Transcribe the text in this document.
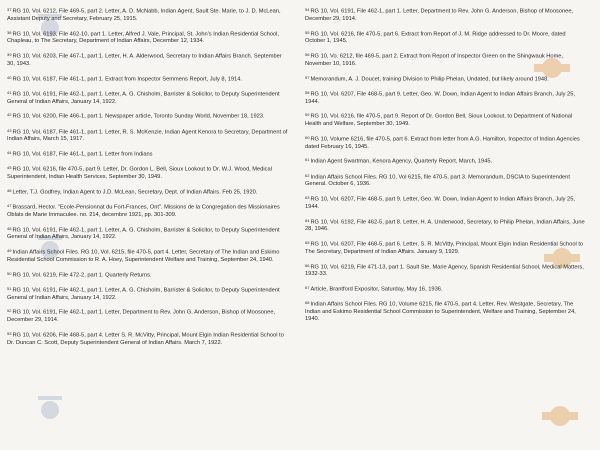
$^{37}$RG 10, Vol. 6212, File 469-5, part 2. Letter, A. D. McNabb, Indian Agent, Sault Ste. Marie, to J. D. McLean, Assistant Deputy and Secretary, February 25, 1915.

$^{38}$RG 10, Vol. 6193, File 462-10, part 1. Letter, Alfred J. Vale, Principal, St. John's Indian Residential School, Chapleau, to The Secretary, Department of Indian Affairs, December 12, 1934.

$^{39}$RG 10, Vol. 6203, File 467-1, part 1. Letter, H. A. Alderwood, Secretary to Indian Affairs Branch. September 30, 1943.

$^{40}$RG 10, Vol. 6187, File 461-1, part 1. Extract from Inspector Semmens Report, July 8, 1914.

$^{41}$RG 10, Vol. 6191, File 462-1, part 1. Letter, A. G. Chisholm, Barrister & Solicitor, to Deputy Superintendent General of Indian Affairs, January 14, 1922.

$^{42}$RG 10, Vol. 6200, File 466-1, part 1. Newspaper article, Toronto Sunday World, November 18, 1923.

$^{43}$RG 10, Vol. 6187, File 461-1, part 1. Letter, R. S. McKenzie, Indian Agent Kenora to Secretary, Department of Indian Affairs, March 15, 1917.

$^{44}$RG 10, Vol. 6187, File 461-1, part 1. Letter from Indians

$^{45}$RG 10, Vol. 6216, file 470-5, part 9. Letter, Dr. Gordon L. Bell, Sioux Lookout to Dr. W.J. Wood, Medical Superintendent, Indian Health Services, September 30, 1949.

$^{46}$Letter, T.J. Godfrey, Indian Agent to J.D. McLean, Secretary, Dept. of Indian Affairs. Feb 25, 1920.

$^{47}$Brassard, Hector. "Ecole-Pensionnat du Fort-Frances, Ont". Missions de la Congregation des Missionaires Oblats de Marie Immaculee. no. 214, decembre 1921, pp. 301-309.

$^{48}$RG 10, Vol. 6191, File 462-1, part 1. Letter, A. G. Chisholm, Barrister & Solicitor, to Deputy Superintendent General of Indian Affairs, January 14, 1922.

$^{49}$Indian Affairs School Files. RG 10, Vol. 6215, file 470-5, part 4. Letter, Secretary of The Indian and Eskimo Residential School Commission to R. A. Hoey, Superintendent Welfare and Training, September 24, 1940.

$^{50}$RG 10, Vol. 6219, File 472-2, part 1. Quarterly Returns.

$^{51}$RG 10, Vol. 6191, File 462-1, part 1. Letter, A. G. Chisholm, Barrister & Solicitor, to Deputy Superintendent General of Indian Affairs, January 14, 1922.

$^{52}$RG 10, Vol. 6191, File 462-1, part 1. Letter, Department to Rev. John G. Anderson, Bishop of Moosonee, December 29, 1914.

$^{53}$RG 10, Vol. 6206, File 468-5, part 4. Letter S. R. McVitty, Principal, Mount Elgin Indian Residential School to Dr. Duncan C. Scott, Deputy Superintendent General of Indian Affairs. March 7, 1922.

$^{54}$RG 10, Vol. 6191, File 462-1, part 1. Letter, Department to Rev. John G. Anderson, Bishop of Moosonee, December 29, 1914.

$^{55}$RG 10, Vol. 6216, file 470-5, part 6. Extract from Report of J. M. Ridge addressed to Dr. Moore, dated October 1, 1945.

$^{56}$RG 10, Vo. 6212, file 469-5, part 2. Extract from Report of Inspector Green on the Shingwauk Home, November 10, 1916.

$^{57}$Memorandum, A. J. Doucet, training Division to Philip Phelan, Undated, but likely around 1948.

$^{58}$RG 10, Vol. 6207, File 468-5, part 9. Letter, Geo. W. Down, Indian Agent to Indian Affairs Branch, July 25, 1944.

$^{59}$RG 10, Vol. 6216, file 470-5, part 9. Report of Dr. Gordon Bell, Sioux Lookout, to Department of National Health and Welfare, September 30, 1949.

$^{60}$RG 10, Volume 6216, file 470-5, part 6. Extract from letter from A.G. Hamilton, Inspector of Indian Agencies dated February 16, 1945.

$^{61}$Indian Agent Swartman, Kenora Agency, Quarterly Report, March, 1945.

$^{62}$Indian Affairs School Files. RG 10, Vol 6215, file 470-5, part 3. Memorandum, DSCIA to Superintendent General. October 6, 1936.

$^{63}$RG 10, Vol. 6207, File 468-5, part 9. Letter, Geo. W. Down, Indian Agent to Indian Affairs Branch, July 25, 1944.

$^{64}$RG 10, Vol. 6192, File 462-5, part 8. Letter, H. A. Underwood, Secretary, to Philip Phelan, Indian Affairs, June 28, 1946.

$^{65}$RG 10, Vol. 6207, File 468-5, part 6. Letter, S. R. McVitty, Principal, Mount Elgin Indian Residential School to The Secretary, Department of Indian Affairs. January 9, 1929.

$^{66}$RG 10, Vol. 6219, File 471-13, part 1. Sault Ste. Marie Agency, Spanish Residential School, Medical Matters, 1932-33.

$^{67}$Article, Brantford Expositor, Saturday, May 16, 1936.

$^{68}$Indian Affairs School Files. RG 10, Volume 6215, file 470-5, part 4. Letter, Rev. Westgate, Secretary, The Indian and Eskimo Residential School Commission to Superintendent, Welfare and Training, September 24, 1940.
